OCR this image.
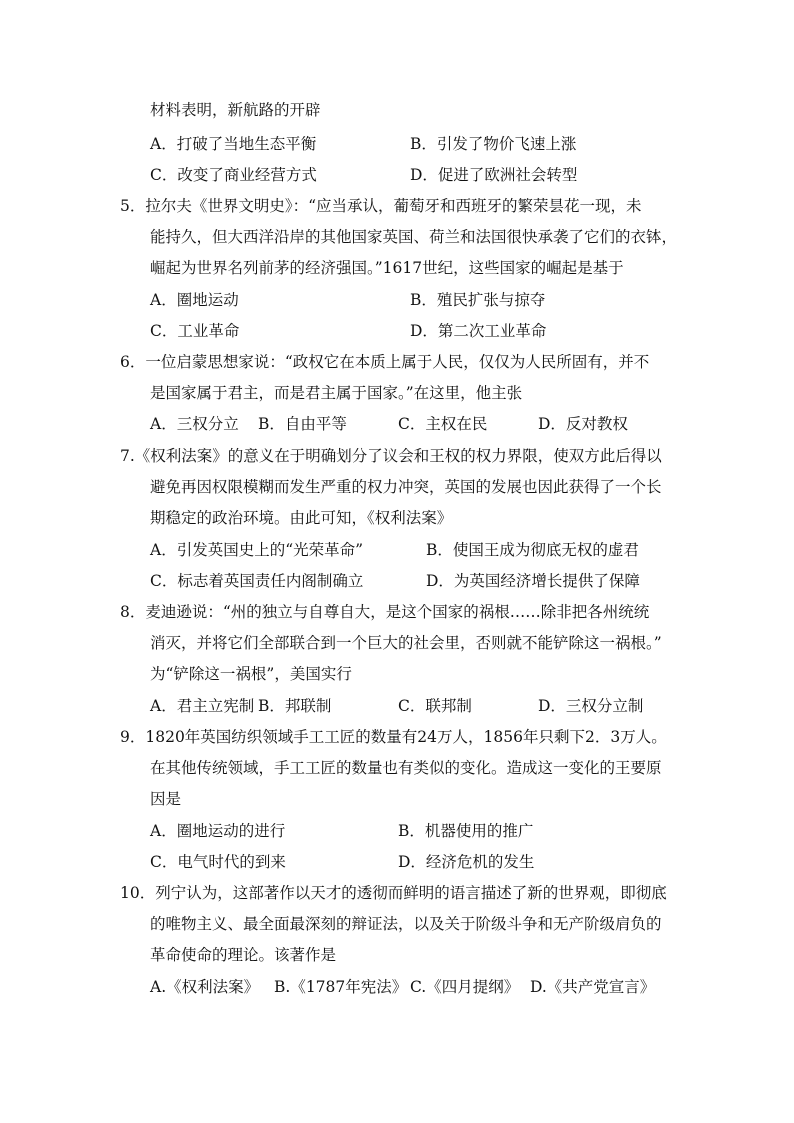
材料表明，新航路的开辟
A．打破了当地生态平衡	B．引发了物价飞速上涨
C．改变了商业经营方式	D．促进了欧洲社会转型
5．拉尔夫《世界文明史》：“应当承认，葡萄牙和西班牙的繁荣昙花一现，未
能持久，但大西洋沿岸的其他国家英国、荷兰和法国很快承袭了它们的衣钵，
崛起为世界名列前茅的经济强国。”1617世纪，这些国家的崛起是基于
A．圈地运动	B．殖民扩张与掠夺
C．工业革命	D．第二次工业革命
6．一位启蒙思想家说：“政权它在本质上属于人民，仅仅为人民所固有，并不
是国家属于君主，而是君主属于国家。”在这里，他主张
A．三权分立 B．自由平等	C．主权在民	D．反对教权
7.《权利法案》的意义在于明确划分了议会和王权的权力界限，使双方此后得以
避免再因权限模糊而发生严重的权力冲突，英国的发展也因此获得了一个长
期稳定的政治环境。由此可知，《权利法案》
A．引发英国史上的“光荣革命”	B．使国王成为彻底无权的虚君
C．标志着英国责任内阁制确立	D．为英国经济增长提供了保障
8．麦迪逊说：“州的独立与自尊自大，是这个国家的祸根……除非把各州统统
消灭，并将它们全部联合到一个巨大的社会里，否则就不能铲除这一祸根。”
为“铲除这一祸根”，美国实行
A．君主立宪制 B．邦联制	C．联邦制	D．三权分立制
9．1820年英国纺织领域手工工匠的数量有24万人，1856年只剩下2．3万人。
在其他传统领域，手工工匠的数量也有类似的变化。造成这一变化的王要原
因是
A．圈地运动的进行	B．机器使用的推广
C．电气时代的到来	D．经济危机的发生
10．列宁认为，这部著作以天才的透彻而鲜明的语言描述了新的世界观，即彻底
的唯物主义、最全面最深刻的辩证法，以及关于阶级斗争和无产阶级肩负的
革命使命的理论。该著作是
A.《权利法案》 B.《1787年宪法》 C.《四月提纲》 D.《共产党宣言》
